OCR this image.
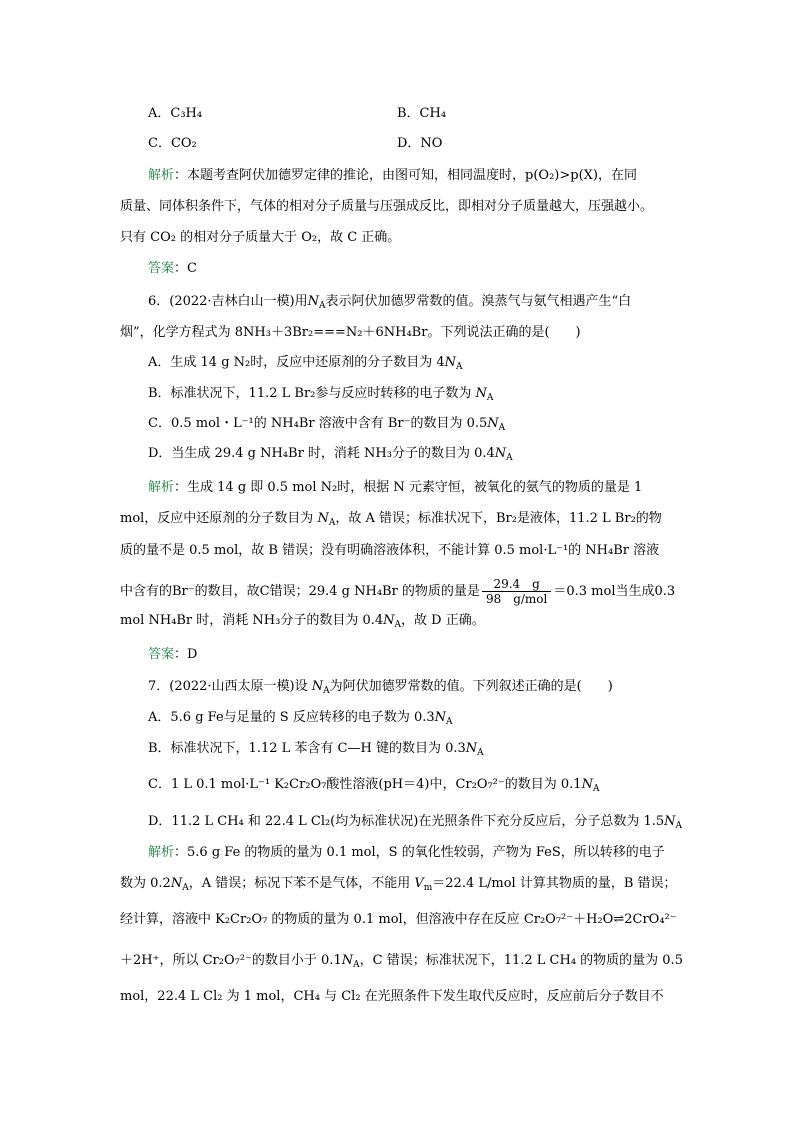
A．C₃H₄	B．CH₄
C．CO₂	D．NO
解析：本题考查阿伏加德罗定律的推论，由图可知，相同温度时，p(O₂)>p(X)，在同
质量、同体积条件下，气体的相对分子质量与压强成反比，即相对分子质量越大，压强越小。
只有 CO₂ 的相对分子质量大于 O₂，故 C 正确。
答案：C
6．(2022·吉林白山一模)用$N_A$表示阿伏加德罗常数的值。溴蒸气与氨气相遇产生“白
烟”，化学方程式为 8NH₃＋3Br₂===N₂＋6NH₄Br。下列说法正确的是(　　)
A．生成 14 g N₂时，反应中还原剂的分子数目为 $4N_A$
B．标准状况下，11.2 L Br₂参与反应时转移的电子数为 $N_A$
C．0.5 mol・L⁻¹的 NH₄Br 溶液中含有 Br⁻的数目为 $0.5N_A$
D．当生成 29.4 g NH₄Br 时，消耗 NH₃分子的数目为 $0.4N_A$
解析：生成 14 g 即 0.5 mol N₂时，根据 N 元素守恒，被氧化的氨气的物质的量是 1
mol，反应中还原剂的分子数目为 $N_A$，故 A 错误；标准状况下，Br₂是液体，11.2 L Br₂的物
质的量不是 0.5 mol，故 B 错误；没有明确溶液体积，不能计算 0.5 mol·L⁻¹的 NH₄Br 溶液
中含有的Br⁻的数目，故C错误；29.4 g NH₄Br 的物质的量是 $\frac{29.4 g}{\text{98　g/mol}} =0.3$ mol当生成0.3
mol NH₄Br 时，消耗 NH₃分子的数目为 $0.4N_A$，故 D 正确。
答案：D
7．(2022·山西太原一模)设 $N_A$为阿伏加德罗常数的值。下列叙述正确的是(　　)
A．5.6 g Fe与足量的 S 反应转移的电子数为 $0.3N_A$
B．标准状况下，1.12 L 苯含有 C—H 键的数目为 $0.3N_A$
C．1 L 0.1 mol·L⁻¹ K₂Cr₂O₇酸性溶液(pH＝4)中，Cr₂O₇²⁻的数目为 $0.1N_A$
D．11.2 L CH₄ 和 22.4 L Cl₂(均为标准状况)在光照条件下充分反应后，分子总数为 $1.5N_A$
解析：5.6 g Fe 的物质的量为 0.1 mol，S 的氧化性较弱，产物为 FeS，所以转移的电子
数为 $0.2N_A$，A 错误；标况下苯不是气体，不能用 $V_m=22.4$ L/mol 计算其物质的量，B 错误；
经计算，溶液中 K₂Cr₂O₇ 的物质的量为 0.1 mol，但溶液中存在反应 Cr₂O₇²⁻＋H₂O⇌2CrO₄²⁻
＋2H⁺，所以 Cr₂O₇²⁻的数目小于 $0.1N_A$，C 错误；标准状况下，11.2 L CH₄ 的物质的量为 0.5
mol，22.4 L Cl₂ 为 1 mol，CH₄ 与 Cl₂ 在光照条件下发生取代反应时，反应前后分子数目不
